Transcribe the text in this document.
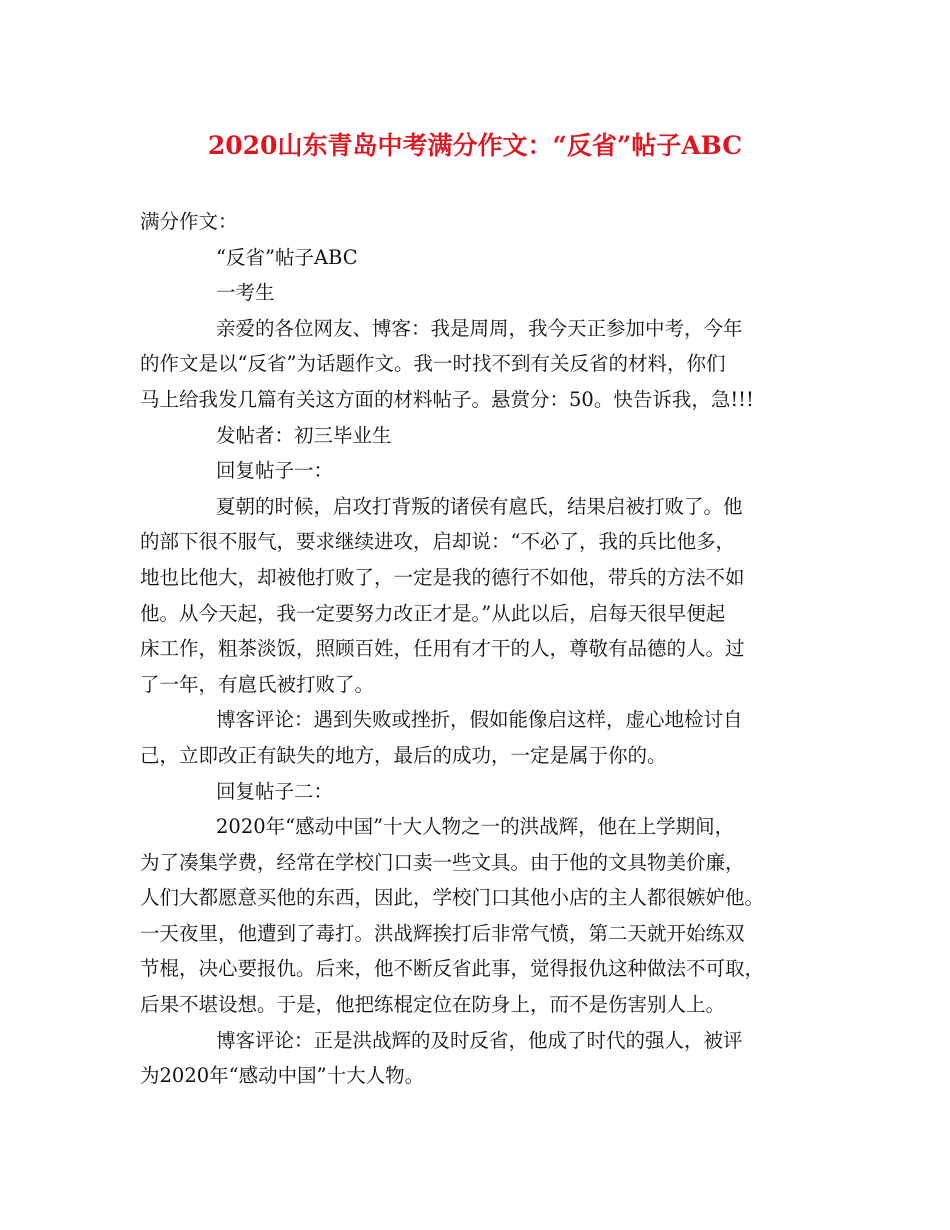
2020山东青岛中考满分作文：“反省”帖子ABC
满分作文：
“反省”帖子ABC
一考生
亲爱的各位网友、博客：我是周周，我今天正参加中考，今年
的作文是以“反省”为话题作文。我一时找不到有关反省的材料，你们
马上给我发几篇有关这方面的材料帖子。悬赏分：50。快告诉我，急!!!
发帖者：初三毕业生
回复帖子一：
夏朝的时候，启攻打背叛的诸侯有扈氏，结果启被打败了。他
的部下很不服气，要求继续进攻，启却说：“不必了，我的兵比他多，
地也比他大，却被他打败了，一定是我的德行不如他，带兵的方法不如
他。从今天起，我一定要努力改正才是。”从此以后，启每天很早便起
床工作，粗茶淡饭，照顾百姓，任用有才干的人，尊敬有品德的人。过
了一年，有扈氏被打败了。
博客评论：遇到失败或挫折，假如能像启这样，虚心地检讨自
己，立即改正有缺失的地方，最后的成功，一定是属于你的。
回复帖子二：
2020年“感动中国”十大人物之一的洪战辉，他在上学期间，
为了凑集学费，经常在学校门口卖一些文具。由于他的文具物美价廉，
人们大都愿意买他的东西，因此，学校门口其他小店的主人都很嫉妒他。
一天夜里，他遭到了毒打。洪战辉挨打后非常气愤，第二天就开始练双
节棍，决心要报仇。后来，他不断反省此事，觉得报仇这种做法不可取，
后果不堪设想。于是，他把练棍定位在防身上，而不是伤害别人上。
博客评论：正是洪战辉的及时反省，他成了时代的强人，被评
为2020年“感动中国”十大人物。
